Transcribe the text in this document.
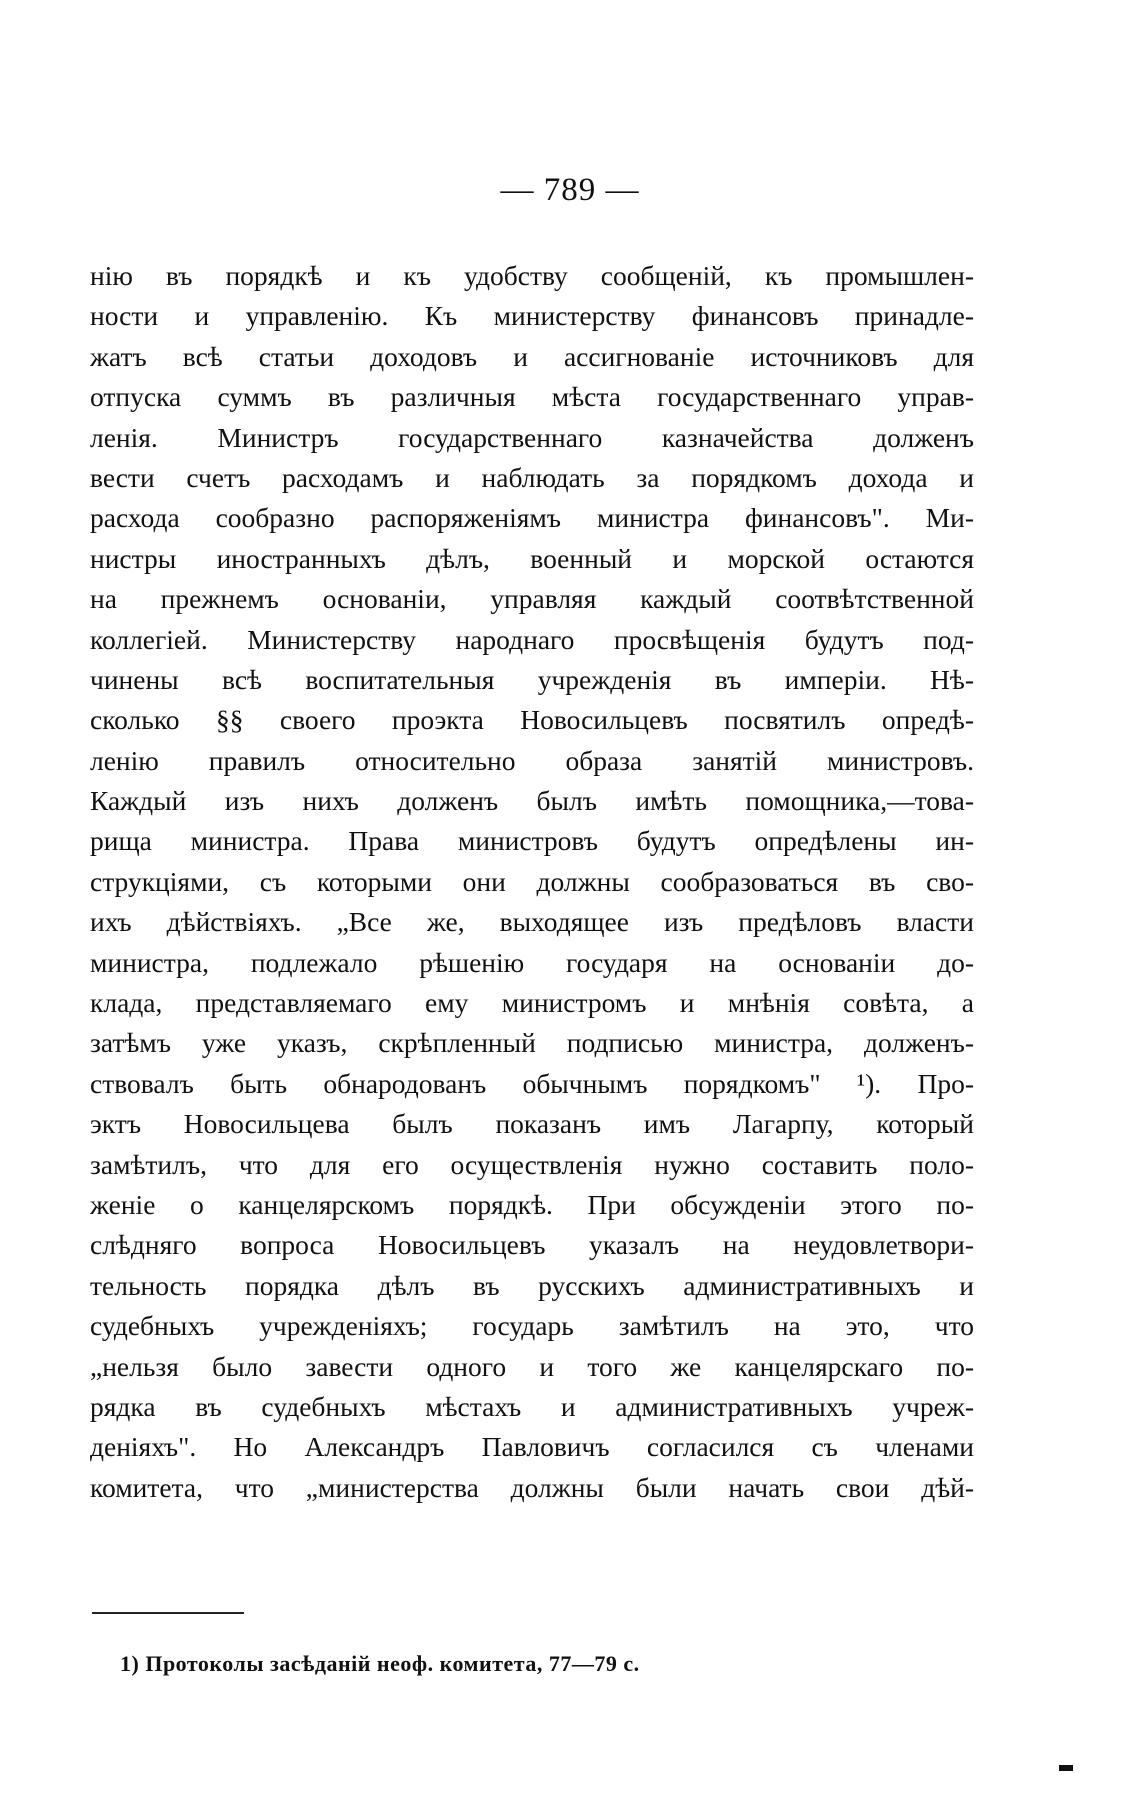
— 789 —
нію въ порядкѣ и къ удобству сообщеній, къ промышлен-
ности и управленію. Къ министерству финансовъ принадле-
жатъ всѣ статьи доходовъ и ассигнованіе источниковъ для
отпуска суммъ въ различныя мѣста государственнаго управ-
ленія. Министръ государственнаго казначейства долженъ
вести счетъ расходамъ и наблюдать за порядкомъ дохода и
расхода сообразно распоряженіямъ министра финансовъ". Ми-
нистры иностранныхъ дѣлъ, военный и морской остаются
на прежнемъ основаніи, управляя каждый соотвѣтственной
коллегіей. Министерству народнаго просвѣщенія будутъ под-
чинены всѣ воспитательныя учрежденія въ имперіи. Нѣ-
сколько §§ своего проэкта Новосильцевъ посвятилъ опредѣ-
ленію правилъ относительно образа занятій министровъ.
Каждый изъ нихъ долженъ былъ имѣть помощника,—това-
рища министра. Права министровъ будутъ опредѣлены ин-
струкціями, съ которыми они должны сообразоваться въ сво-
ихъ дѣйствіяхъ. „Все же, выходящее изъ предѣловъ власти
министра, подлежало рѣшенію государя на основаніи до-
клада, представляемаго ему министромъ и мнѣнія совѣта, а
затѣмъ уже указъ, скрѣпленный подписью министра, долженъ-
ствовалъ быть обнародованъ обычнымъ порядкомъ" ¹). Про-
эктъ Новосильцева былъ показанъ имъ Лагарпу, который
замѣтилъ, что для его осуществленія нужно составить поло-
женіе о канцелярскомъ порядкѣ. При обсужденіи этого по-
слѣдняго вопроса Новосильцевъ указалъ на неудовлетвори-
тельность порядка дѣлъ въ русскихъ административныхъ и
судебныхъ учрежденіяхъ; государь замѣтилъ на это, что
„нельзя было завести одного и того же канцелярскаго по-
рядка въ судебныхъ мѣстахъ и административныхъ учреж-
деніяхъ". Но Александръ Павловичъ согласился съ членами
комитета, что „министерства должны были начать свои дѣй-
1) Протоколы засѣданій неоф. комитета, 77—79 с.
